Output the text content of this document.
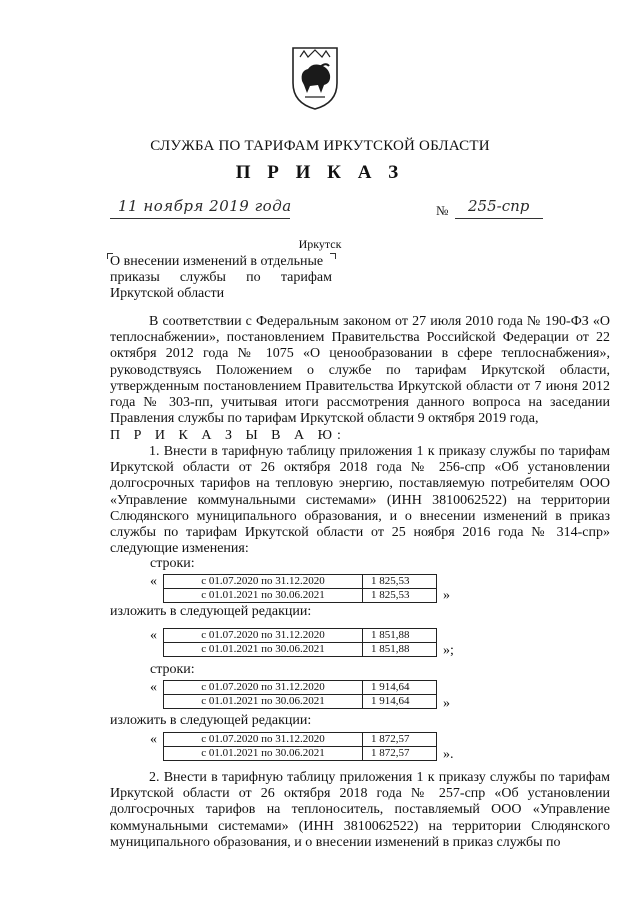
СЛУЖБА ПО ТАРИФАМ ИРКУТСКОЙ ОБЛАСТИ
П Р И К А З
11 ноября 2019 года	№ 255-спр
Иркутск
О внесении изменений в отдельные
приказы службы по тарифам
Иркутской области
В соответствии с Федеральным законом от 27 июля 2010 года № 190-ФЗ «О теплоснабжении», постановлением Правительства Российской Федерации от 22 октября 2012 года № 1075 «О ценообразовании в сфере теплоснабжения», руководствуясь Положением о службе по тарифам Иркутской области, утвержденным постановлением Правительства Иркутской области от 7 июня 2012 года № 303-пп, учитывая итоги рассмотрения данного вопроса на заседании Правления службы по тарифам Иркутской области 9 октября 2019 года,
П Р И К А З Ы В А Ю:
1. Внести в тарифную таблицу приложения 1 к приказу службы по тарифам Иркутской области от 26 октября 2018 года № 256-спр «Об установлении долгосрочных тарифов на тепловую энергию, поставляемую потребителям ООО «Управление коммунальными системами» (ИНН 3810062522) на территории Слюдянского муниципального образования, и о внесении изменений в приказ службы по тарифам Иркутской области от 25 ноября 2016 года № 314-спр» следующие изменения:
строки:
«	с 01.07.2020 по 31.12.2020	1 825,53
с 01.01.2021 по 30.06.2021	1 825,53 »
изложить в следующей редакции:
«	с 01.07.2020 по 31.12.2020	1 851,88
с 01.01.2021 по 30.06.2021	1 851,88 »;
строки:
«	с 01.07.2020 по 31.12.2020	1 914,64
с 01.01.2021 по 30.06.2021	1 914,64 »
изложить в следующей редакции:
«	с 01.07.2020 по 31.12.2020	1 872,57
с 01.01.2021 по 30.06.2021	1 872,57 ».
2. Внести в тарифную таблицу приложения 1 к приказу службы по тарифам Иркутской области от 26 октября 2018 года № 257-спр «Об установлении долгосрочных тарифов на теплоноситель, поставляемый ООО «Управление коммунальными системами» (ИНН 3810062522) на территории Слюдянского муниципального образования, и о внесении изменений в приказ службы по
